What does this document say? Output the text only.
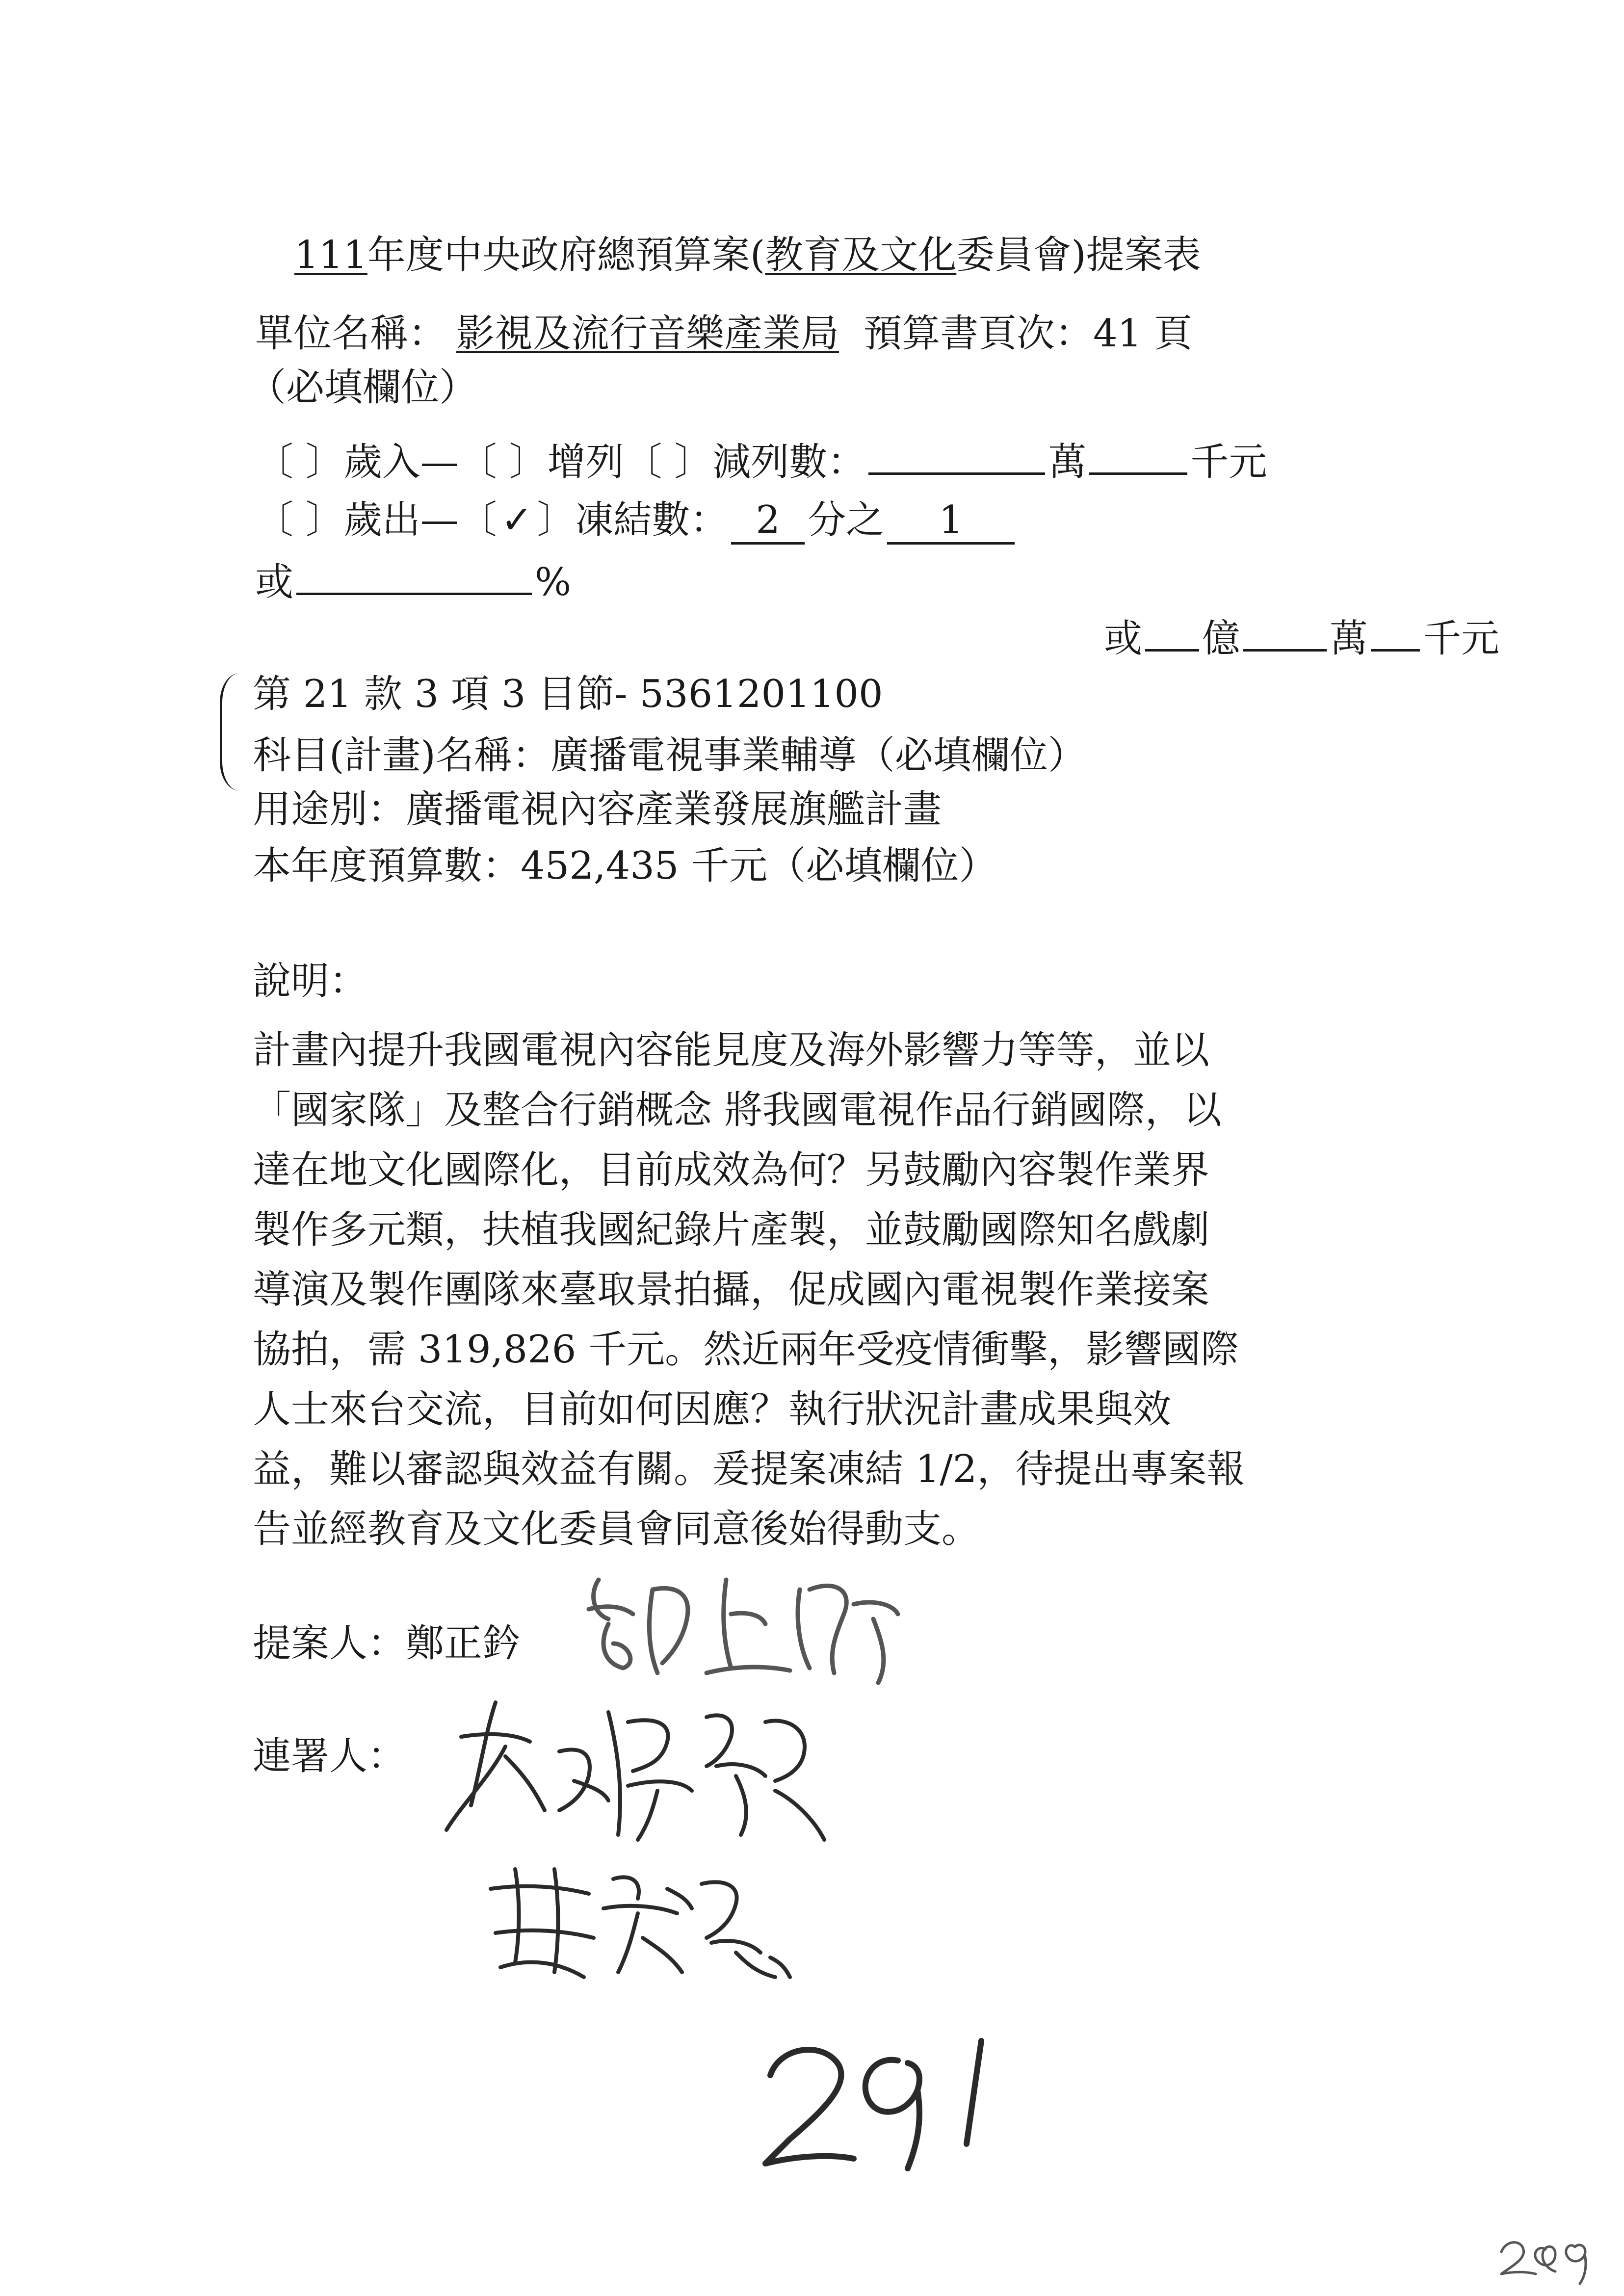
111年度中央政府總預算案(教育及文化委員會)提案表
單位名稱： 影視及流行音樂產業局 預算書頁次：41 頁
（必填欄位）
〔 〕歲入—〔 〕增列〔 〕減列數：	萬	千元
〔 〕歲出—〔 ✓ 〕凍結數： 2 分之 1
或	%
或 億 萬 千元
第 21 款 3 項 3 目節- 5361201100
科目(計畫)名稱：廣播電視事業輔導（必填欄位）
用途別：廣播電視內容產業發展旗艦計畫
本年度預算數：452,435 千元（必填欄位）
說明：
計畫內提升我國電視內容能見度及海外影響力等等，並以
「國家隊」及整合行銷概念 將我國電視作品行銷國際，以
達在地文化國際化，目前成效為何？另鼓勵內容製作業界
製作多元類，扶植我國紀錄片產製，並鼓勵國際知名戲劇
導演及製作團隊來臺取景拍攝，促成國內電視製作業接案
協拍，需 319,826 千元。然近兩年受疫情衝擊，影響國際
人士來台交流，目前如何因應？執行狀況計畫成果與效
益，難以審認與效益有關。爰提案凍結 1/2，待提出專案報
告並經教育及文化委員會同意後始得動支。
提案人：鄭正鈐
連署人：
291
289
